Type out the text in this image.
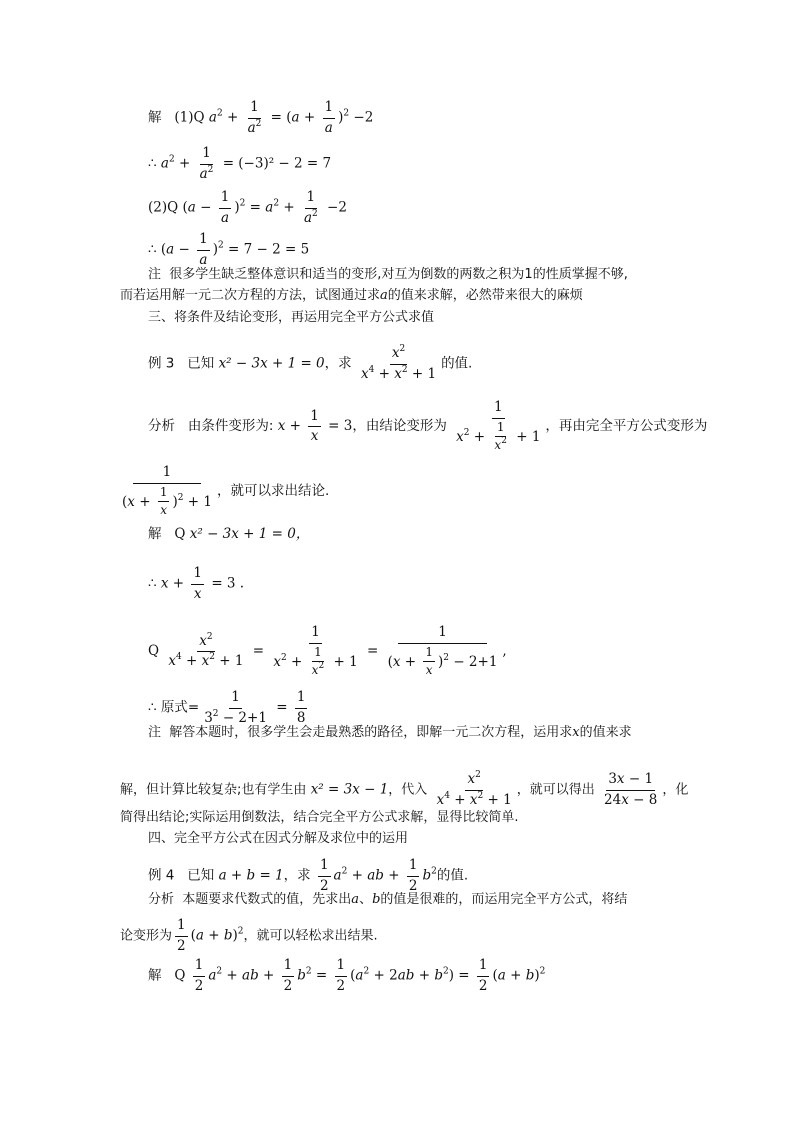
解 (1)Q $a^2 + \frac{1}{a^2} = (a + \frac{1}{a} )^2 -2$
∴ $a^2 + \frac{1}{a^2} = (-3)^2 - 2 = 7$
(2)Q $(a - \frac{1}{a} )^2 = a^2 + \frac{1}{a^2} -2$
∴ $(a - \frac{1}{a} )^2 = 7 - 2 = 5$
注 很多学生缺乏整体意识和适当的变形,对互为倒数的两数之积为1的性质掌握不够,
而若运用解一元二次方程的方法，试图通过求a的值来求解，必然带来很大的麻烦
三、将条件及结论变形，再运用完全平方公式求值
例 3 已知 x² − 3x + 1 = 0，求 $\frac{x^2}{x^4 + x^2 + 1}$ 的值.
分析 由条件变形为: $x + \frac{1}{x} = 3$，由结论变形为 $\frac{1}{x^2 + \frac{1}{x^2} + 1}$ ，再由完全平方公式变形为
$\frac{1}{(x + \frac{1}{x} )^2 + 1}$ ，就可以求出结论.
解 Q x² − 3x + 1 = 0，
∴ $x + \frac{1}{x} = 3$ .
Q $\frac{x^2}{x^4 + x^2 + 1} = \frac{1}{x^2 + \frac{1}{x^2} + 1} = \frac{1}{(x + \frac{1}{x} )^2 - 2+1}$ ,
∴ 原式= $\frac{1}{3^2 - 2+1} = \frac{1}{8}$
注 解答本题时，很多学生会走最熟悉的路径，即解一元二次方程，运用求x的值来求
解，但计算比较复杂;也有学生由 x² = 3x − 1，代入 $\frac{x^2}{x^4 + x^2 + 1}$ ，就可以得出 $\frac{3x - 1}{24x - 8}$ ，化
简得出结论;实际运用倒数法，结合完全平方公式求解，显得比较简单.
四、完全平方公式在因式分解及求位中的运用
例 4 已知 a + b = 1，求 $\frac{1}{2} a^2$ + ab + $\frac{1}{2} b^2$的值.
分析 本题要求代数式的值，先求出a、b的值是很难的，而运用完全平方公式，将结
论变形为 $\frac{1}{2} (a + b)^2$，就可以轻松求出结果.
解 Q $\frac{1}{2} a^2$ + ab + $\frac{1}{2} b^2 = \frac{1}{2} (a^2 + 2ab + b^2) = \frac{1}{2} (a + b)^2$
